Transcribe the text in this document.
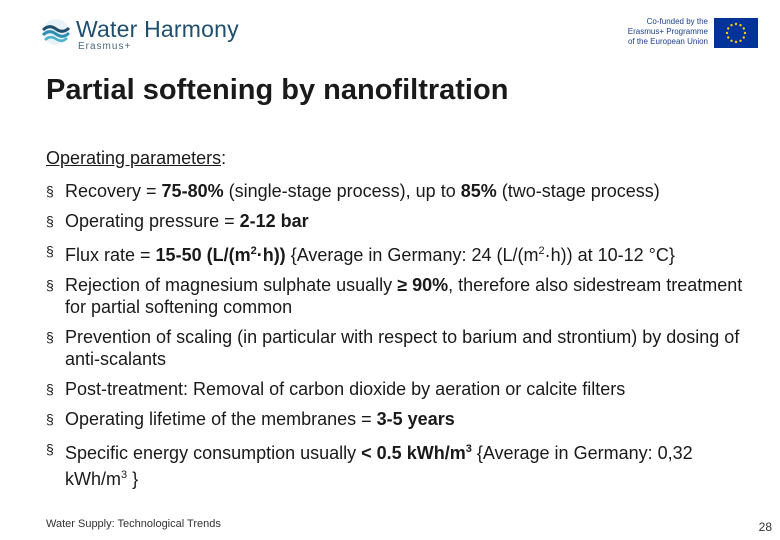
Water Harmony
Erasmus+
Co-funded by the
Erasmus+ Programme
of the European Union
Partial softening by nanofiltration
Operating parameters:
§ Recovery = 75-80% (single-stage process), up to 85% (two-stage process)
§ Operating pressure = 2-12 bar
§ Flux rate = 15-50 $(L/(m^2\cdot h))$ {Average in Germany: 24 $(L/(m^2\cdot h))$ at 10-12 °C}
§ Rejection of magnesium sulphate usually ≥ 90%, therefore also sidestream treatment for partial softening common
§ Prevention of scaling (in particular with respect to barium and strontium) by dosing of anti-scalants
§ Post-treatment: Removal of carbon dioxide by aeration or calcite filters
§ Operating lifetime of the membranes = 3-5 years
§ Specific energy consumption usually < 0.5 kWh/$m^3$ {Average in Germany: 0,32 kWh/$m^3$ }
Water Supply: Technological Trends	28
